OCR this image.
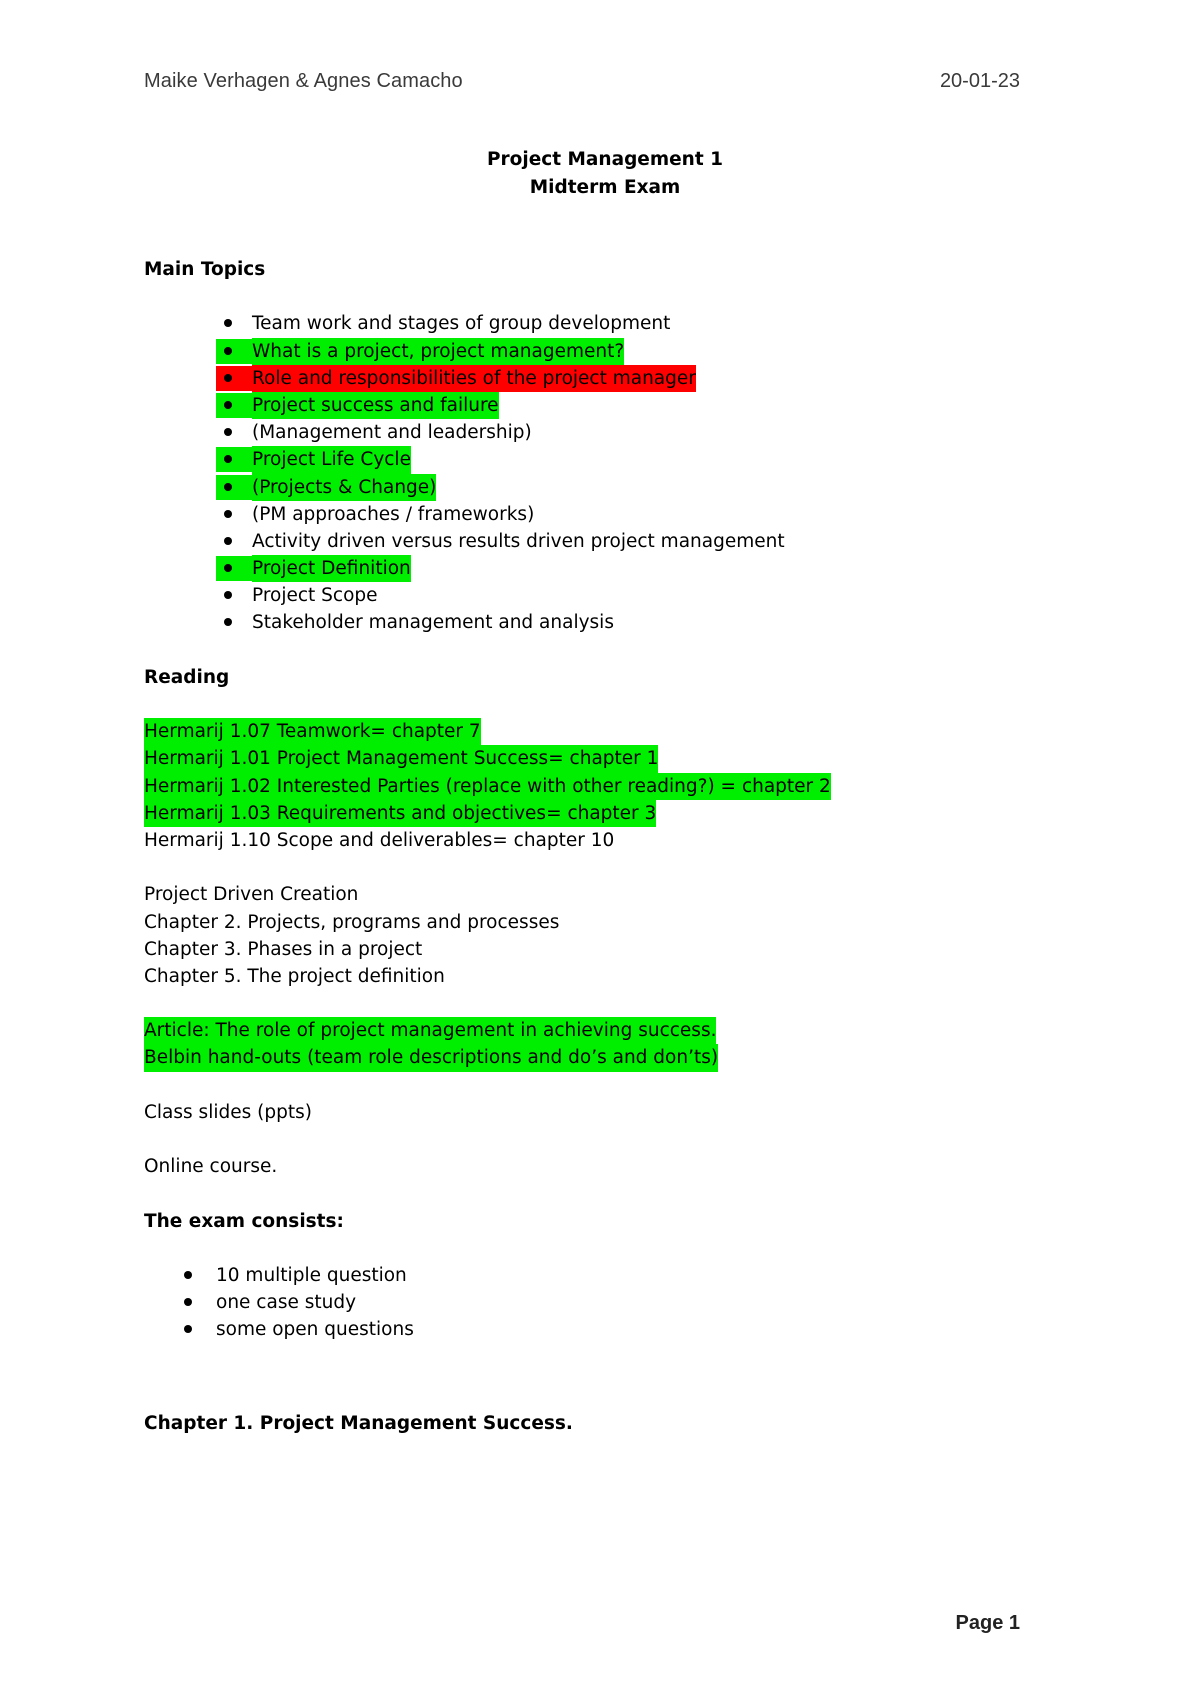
Maike Verhagen & Agnes Camacho	20-01-23
Project Management 1
Midterm Exam
Main Topics
Team work and stages of group development
What is a project, project management?
Role and responsibilities of the project manager
Project success and failure
(Management and leadership)
Project Life Cycle
(Projects & Change)
(PM approaches / frameworks)
Activity driven versus results driven project management
Project Definition
Project Scope
Stakeholder management and analysis
Reading
Hermarij 1.07 Teamwork= chapter 7
Hermarij 1.01 Project Management Success= chapter 1
Hermarij 1.02 Interested Parties (replace with other reading?) = chapter 2
Hermarij 1.03 Requirements and objectives= chapter 3
Hermarij 1.10 Scope and deliverables= chapter 10
Project Driven Creation
Chapter 2. Projects, programs and processes
Chapter 3. Phases in a project
Chapter 5. The project definition
Article: The role of project management in achieving success.
Belbin hand-outs (team role descriptions and do’s and don’ts)
Class slides (ppts)
Online course.
The exam consists:
10 multiple question
one case study
some open questions
Chapter 1. Project Management Success.
Page 1
